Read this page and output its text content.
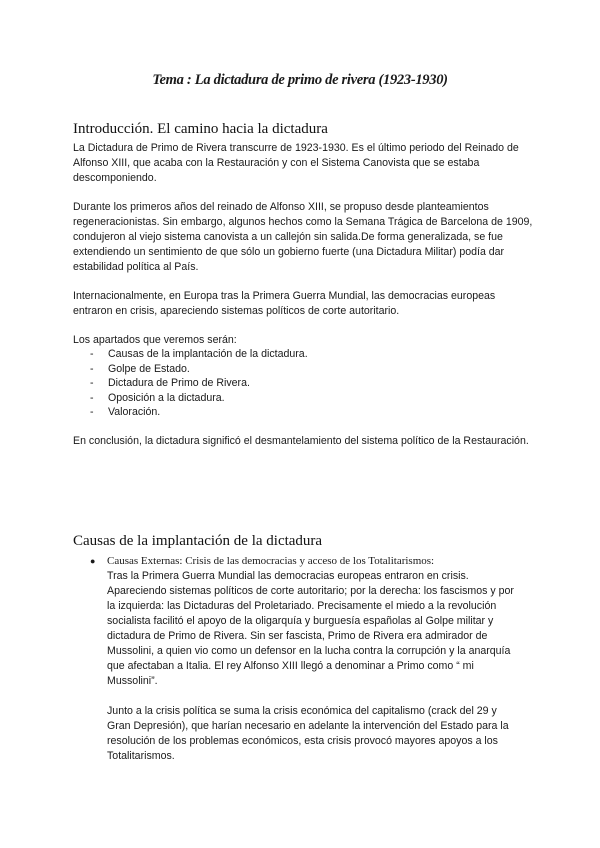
Tema : La dictadura de primo de rivera (1923-1930)
Introducción. El camino hacia la dictadura

La Dictadura de Primo de Rivera transcurre de 1923-1930. Es el último periodo del Reinado de Alfonso XIII, que acaba con la Restauración y con el Sistema Canovista que se estaba descomponiendo.

Durante los primeros años del reinado de Alfonso XIII, se propuso desde planteamientos regeneracionistas. Sin embargo, algunos hechos como la Semana Trágica de Barcelona de 1909, condujeron al viejo sistema canovista a un callejón sin salida.De forma generalizada, se fue extendiendo un sentimiento de que sólo un gobierno fuerte (una Dictadura Militar) podía dar estabilidad política al País.

Internacionalmente, en Europa tras la Primera Guerra Mundial, las democracias europeas entraron en crisis, apareciendo sistemas políticos de corte autoritario.

Los apartados que veremos serán:

- Causas de la implantación de la dictadura.
- Golpe de Estado.
- Dictadura de Primo de Rivera.
- Oposición a la dictadura.
- Valoración.

En conclusión, la dictadura significó el desmantelamiento del sistema político de la Restauración.

Causas de la implantación de la dictadura
● Causas Externas: Crisis de las democracias y acceso de los Totalitarismos:

Tras la Primera Guerra Mundial las democracias europeas entraron en crisis. Apareciendo sistemas políticos de corte autoritario; por la derecha: los fascismos y por la izquierda: las Dictaduras del Proletariado. Precisamente el miedo a la revolución socialista facilitó el apoyo de la oligarquía y burguesía españolas al Golpe militar y dictadura de Primo de Rivera. Sin ser fascista, Primo de Rivera era admirador de Mussolini, a quien vio como un defensor en la lucha contra la corrupción y la anarquía que afectaban a Italia. El rey Alfonso XIII llegó a denominar a Primo como “ mi Mussolini”.

Junto a la crisis política se suma la crisis económica del capitalismo (crack del 29 y Gran Depresión), que harían necesario en adelante la intervención del Estado para la resolución de los problemas económicos, esta crisis provocó mayores apoyos a los Totalitarismos.
